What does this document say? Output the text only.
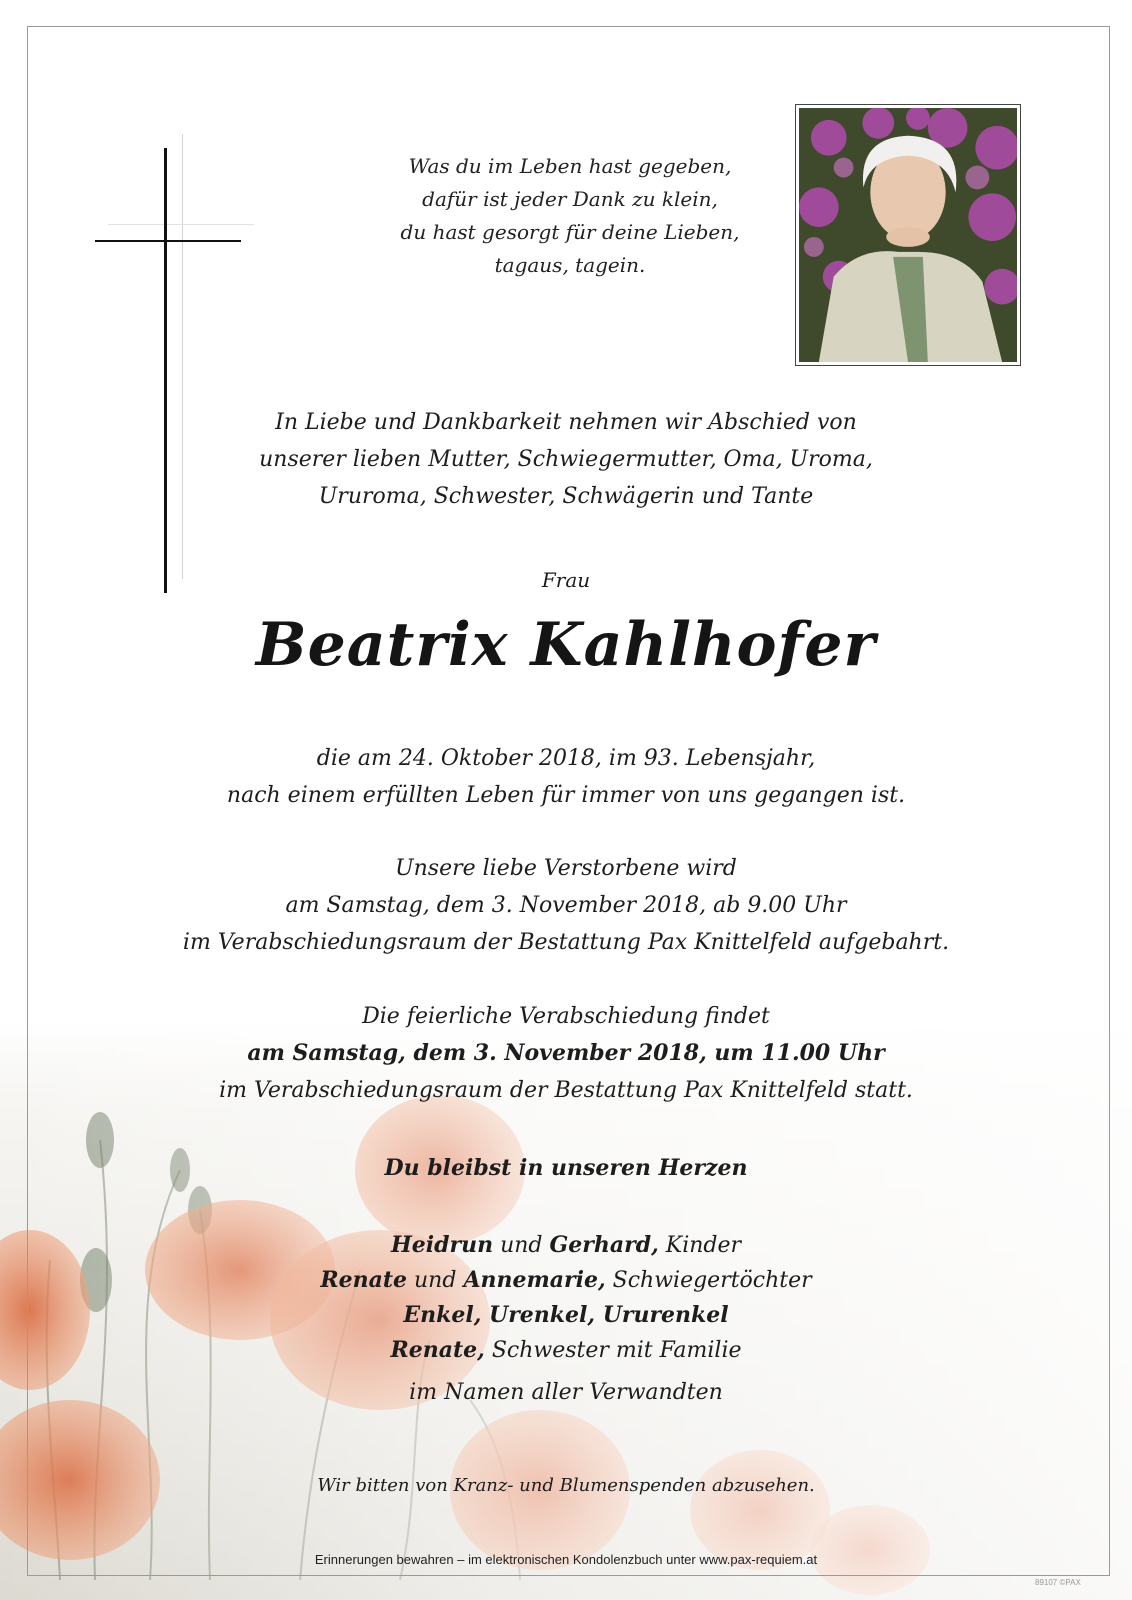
Was du im Leben hast gegeben,
dafür ist jeder Dank zu klein,
du hast gesorgt für deine Lieben,
tagaus, tagein.
In Liebe und Dankbarkeit nehmen wir Abschied von
unserer lieben Mutter, Schwiegermutter, Oma, Uroma,
Ururoma, Schwester, Schwägerin und Tante
Frau
Beatrix Kahlhofer
die am 24. Oktober 2018, im 93. Lebensjahr,
nach einem erfüllten Leben für immer von uns gegangen ist.
Unsere liebe Verstorbene wird
am Samstag, dem 3. November 2018, ab 9.00 Uhr
im Verabschiedungsraum der Bestattung Pax Knittelfeld aufgebahrt.
Die feierliche Verabschiedung findet
am Samstag, dem 3. November 2018, um 11.00 Uhr
im Verabschiedungsraum der Bestattung Pax Knittelfeld statt.
Du bleibst in unseren Herzen
Heidrun und Gerhard, Kinder
Renate und Annemarie, Schwiegertöchter
Enkel, Urenkel, Ururenkel
Renate, Schwester mit Familie
im Namen aller Verwandten
Wir bitten von Kranz- und Blumenspenden abzusehen.
Erinnerungen bewahren – im elektronischen Kondolenzbuch unter www.pax-requiem.at
89107 ©PAX
